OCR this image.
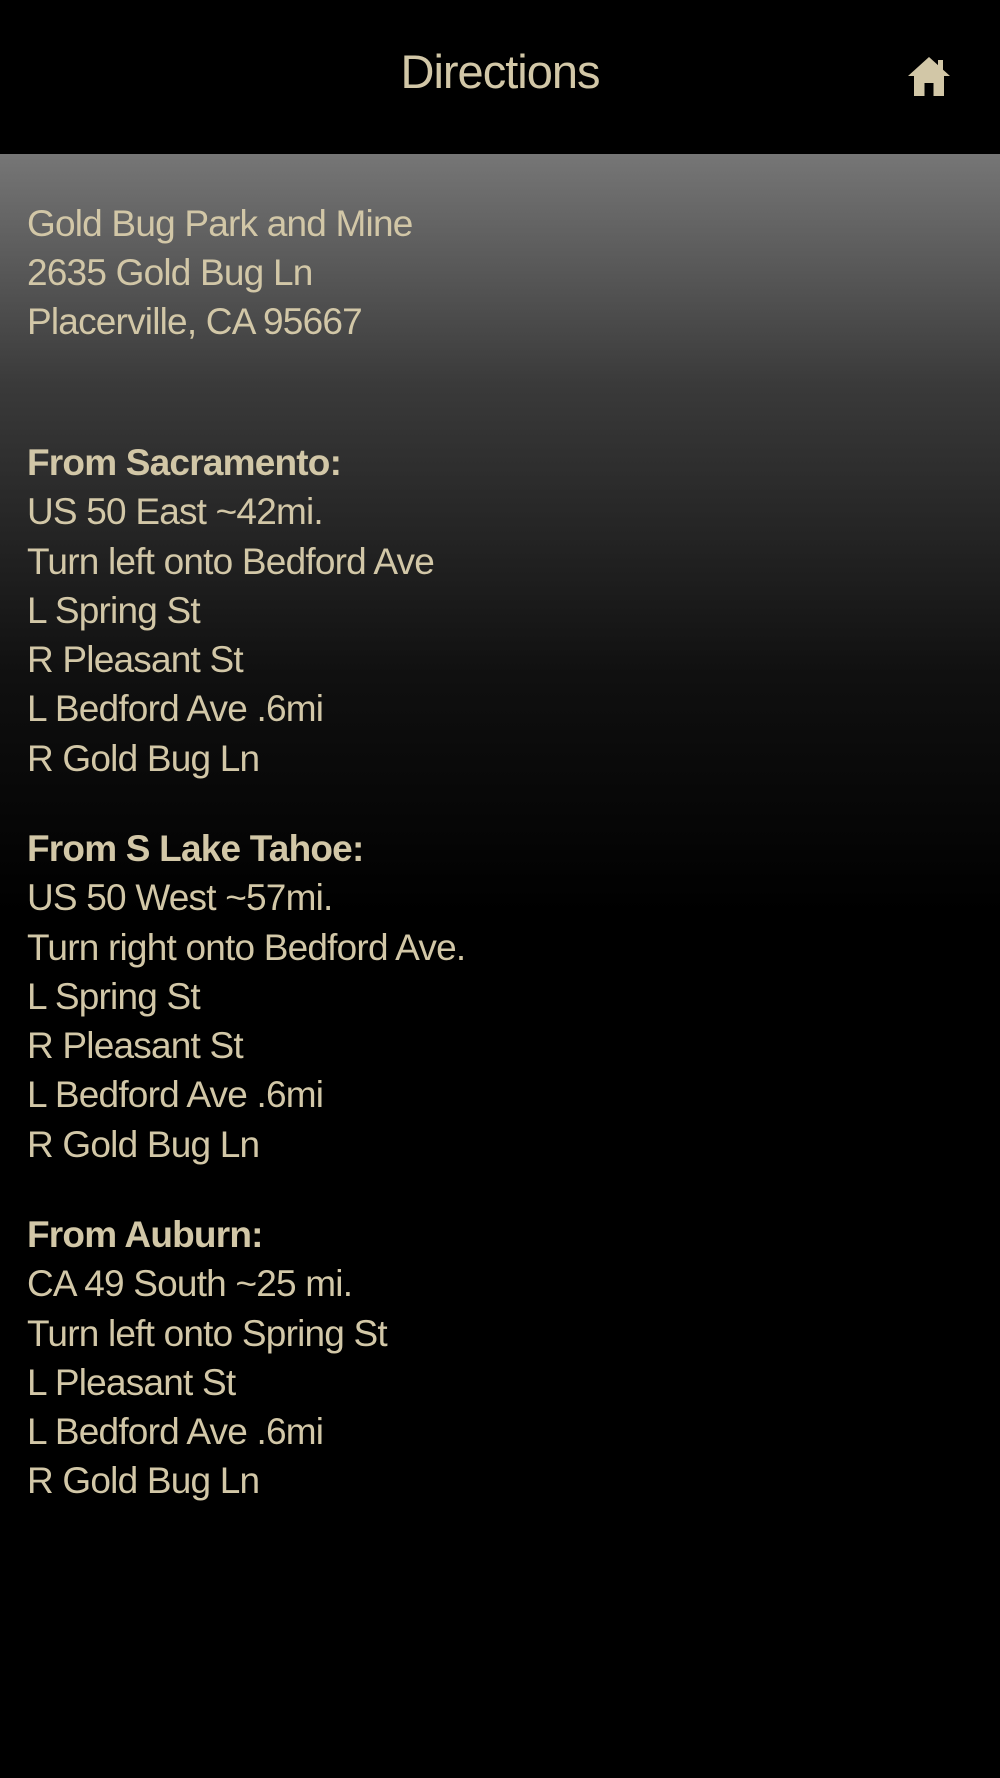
Directions
Gold Bug Park and Mine
2635 Gold Bug Ln
Placerville, CA 95667
From Sacramento:
US 50 East ~42mi.
Turn left onto Bedford Ave
L Spring St
R Pleasant St
L Bedford Ave .6mi
R Gold Bug Ln
From S Lake Tahoe:
US 50 West ~57mi.
Turn right onto Bedford Ave.
L Spring St
R Pleasant St
L Bedford Ave .6mi
R Gold Bug Ln
From Auburn:
CA 49 South ~25 mi.
Turn left onto Spring St
L Pleasant St
L Bedford Ave .6mi
R Gold Bug Ln
